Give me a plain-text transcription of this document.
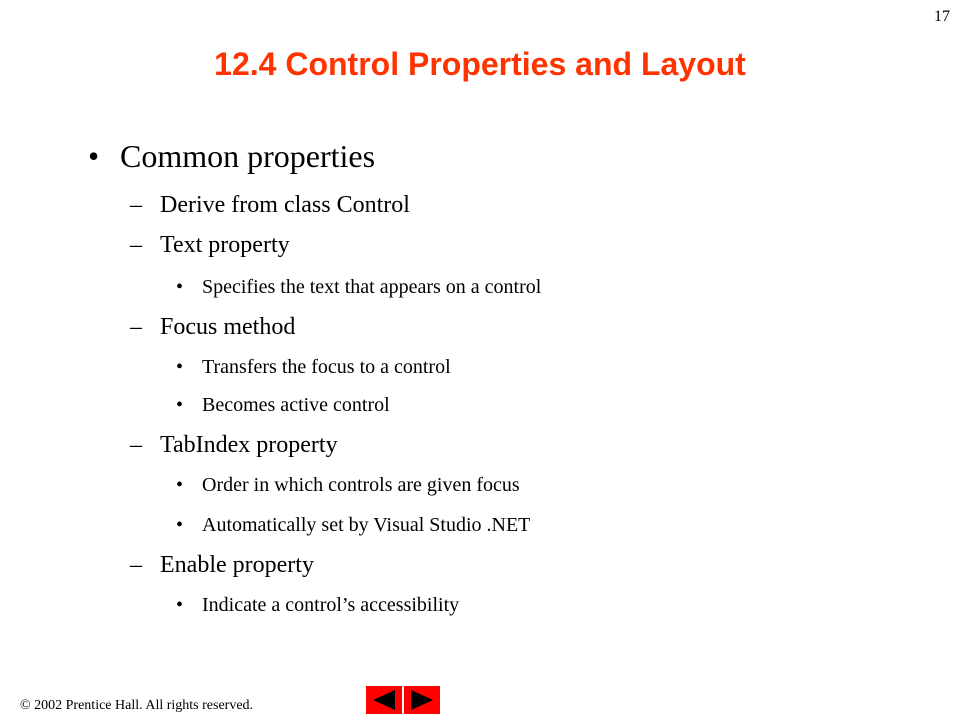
17
12.4 Control Properties and Layout
• Common properties
– Derive from class Control
– Text property
• Specifies the text that appears on a control
– Focus method
• Transfers the focus to a control
• Becomes active control
– TabIndex property
• Order in which controls are given focus
• Automatically set by Visual Studio .NET
– Enable property
• Indicate a control’s accessibility
© 2002 Prentice Hall. All rights reserved.
